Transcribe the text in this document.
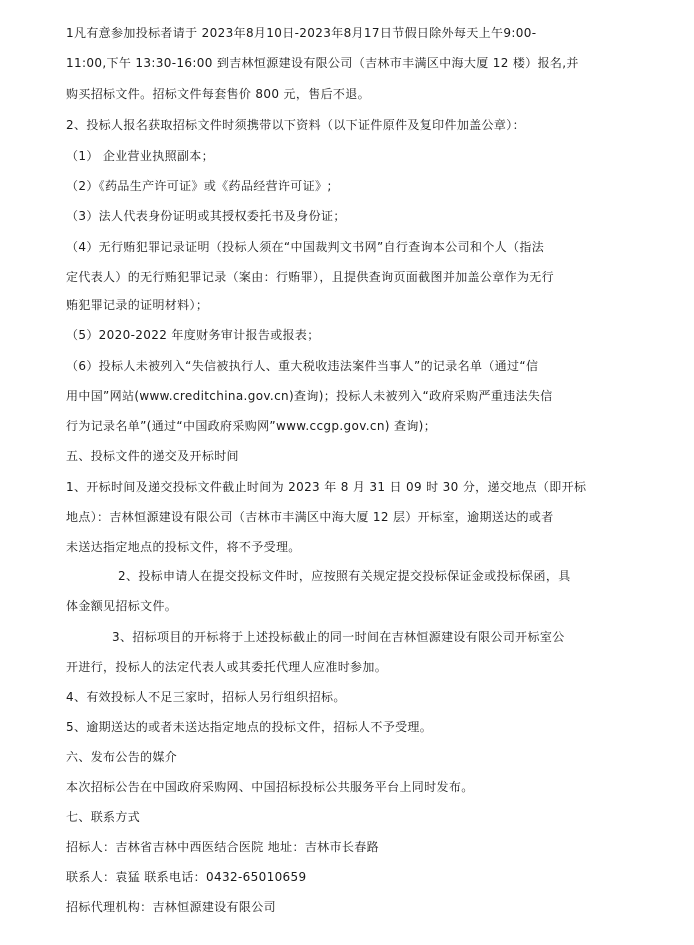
1凡有意参加投标者请于 2023年8月10日-2023年8月17日节假日除外每天上午9:00-
11:00,下午 13:30-16:00 到吉林恒源建设有限公司（吉林市丰满区中海大厦 12 楼）报名,并
购买招标文件。招标文件每套售价 800 元，售后不退。
2、投标人报名获取招标文件时须携带以下资料（以下证件原件及复印件加盖公章）：
（1） 企业营业执照副本；
（2）《药品生产许可证》或《药品经营许可证》;
（3）法人代表身份证明或其授权委托书及身份证；
（4）无行贿犯罪记录证明（投标人须在“中国裁判文书网”自行查询本公司和个人（指法
定代表人）的无行贿犯罪记录（案由：行贿罪），且提供查询页面截图并加盖公章作为无行
贿犯罪记录的证明材料）；
（5）2020-2022 年度财务审计报告或报表；
（6）投标人未被列入“失信被执行人、重大税收违法案件当事人”的记录名单（通过“信
用中国”网站(www.creditchina.gov.cn)查询)；投标人未被列入“政府采购严重违法失信
行为记录名单”(通过“中国政府采购网”www.ccgp.gov.cn) 查询)；
五、投标文件的递交及开标时间
1、开标时间及递交投标文件截止时间为 2023 年 8 月 31 日 09 时 30 分，递交地点（即开标
地点）：吉林恒源建设有限公司（吉林市丰满区中海大厦 12 层）开标室，逾期送达的或者
未送达指定地点的投标文件，将不予受理。
2、投标申请人在提交投标文件时，应按照有关规定提交投标保证金或投标保函，具
体金额见招标文件。
3、招标项目的开标将于上述投标截止的同一时间在吉林恒源建设有限公司开标室公
开进行，投标人的法定代表人或其委托代理人应准时参加。
4、有效投标人不足三家时，招标人另行组织招标。
5、逾期送达的或者未送达指定地点的投标文件，招标人不予受理。
六、发布公告的媒介
本次招标公告在中国政府采购网、中国招标投标公共服务平台上同时发布。
七、联系方式
招标人：吉林省吉林中西医结合医院 地址：吉林市长春路
联系人：袁猛 联系电话：0432-65010659
招标代理机构：吉林恒源建设有限公司
